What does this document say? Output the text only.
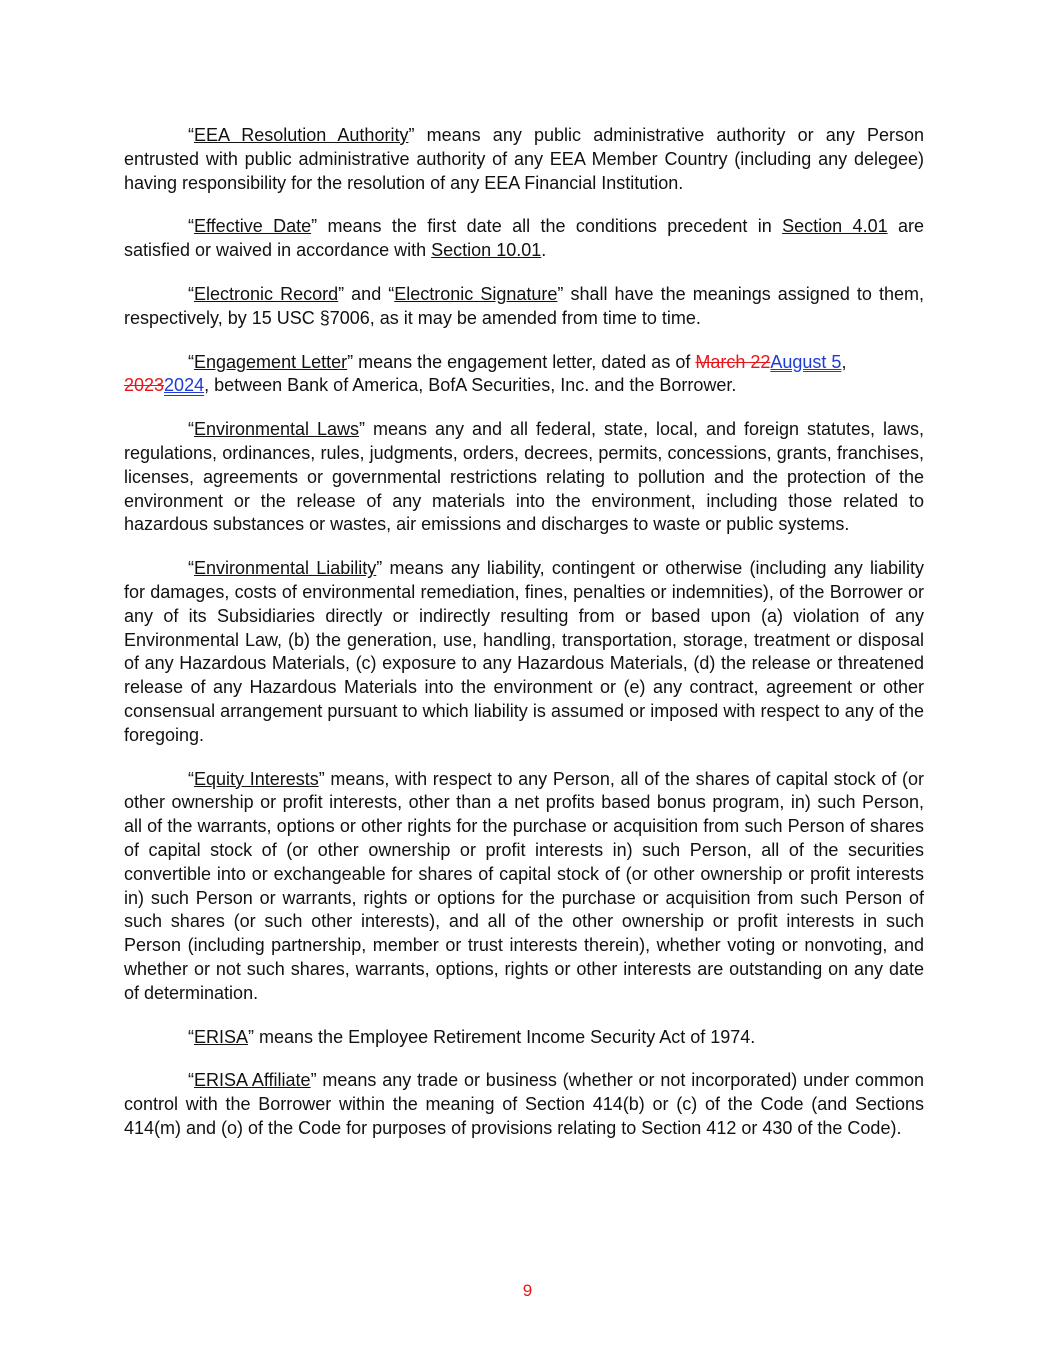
“EEA Resolution Authority” means any public administrative authority or any Person entrusted with public administrative authority of any EEA Member Country (including any delegee) having responsibility for the resolution of any EEA Financial Institution.

“Effective Date” means the first date all the conditions precedent in Section 4.01 are satisfied or waived in accordance with Section 10.01.

“Electronic Record” and “Electronic Signature” shall have the meanings assigned to them, respectively, by 15 USC §7006, as it may be amended from time to time.

“Engagement Letter” means the engagement letter, dated as of March 22August 5, 20232024, between Bank of America, BofA Securities, Inc. and the Borrower.

“Environmental Laws” means any and all federal, state, local, and foreign statutes, laws, regulations, ordinances, rules, judgments, orders, decrees, permits, concessions, grants, franchises, licenses, agreements or governmental restrictions relating to pollution and the protection of the environment or the release of any materials into the environment, including those related to hazardous substances or wastes, air emissions and discharges to waste or public systems.

“Environmental Liability” means any liability, contingent or otherwise (including any liability for damages, costs of environmental remediation, fines, penalties or indemnities), of the Borrower or any of its Subsidiaries directly or indirectly resulting from or based upon (a) violation of any Environmental Law, (b) the generation, use, handling, transportation, storage, treatment or disposal of any Hazardous Materials, (c) exposure to any Hazardous Materials, (d) the release or threatened release of any Hazardous Materials into the environment or (e) any contract, agreement or other consensual arrangement pursuant to which liability is assumed or imposed with respect to any of the foregoing.

“Equity Interests” means, with respect to any Person, all of the shares of capital stock of (or other ownership or profit interests, other than a net profits based bonus program, in) such Person, all of the warrants, options or other rights for the purchase or acquisition from such Person of shares of capital stock of (or other ownership or profit interests in) such Person, all of the securities convertible into or exchangeable for shares of capital stock of (or other ownership or profit interests in) such Person or warrants, rights or options for the purchase or acquisition from such Person of such shares (or such other interests), and all of the other ownership or profit interests in such Person (including partnership, member or trust interests therein), whether voting or nonvoting, and whether or not such shares, warrants, options, rights or other interests are outstanding on any date of determination.

“ERISA” means the Employee Retirement Income Security Act of 1974.

“ERISA Affiliate” means any trade or business (whether or not incorporated) under common control with the Borrower within the meaning of Section 414(b) or (c) of the Code (and Sections 414(m) and (o) of the Code for purposes of provisions relating to Section 412 or 430 of the Code).

9
